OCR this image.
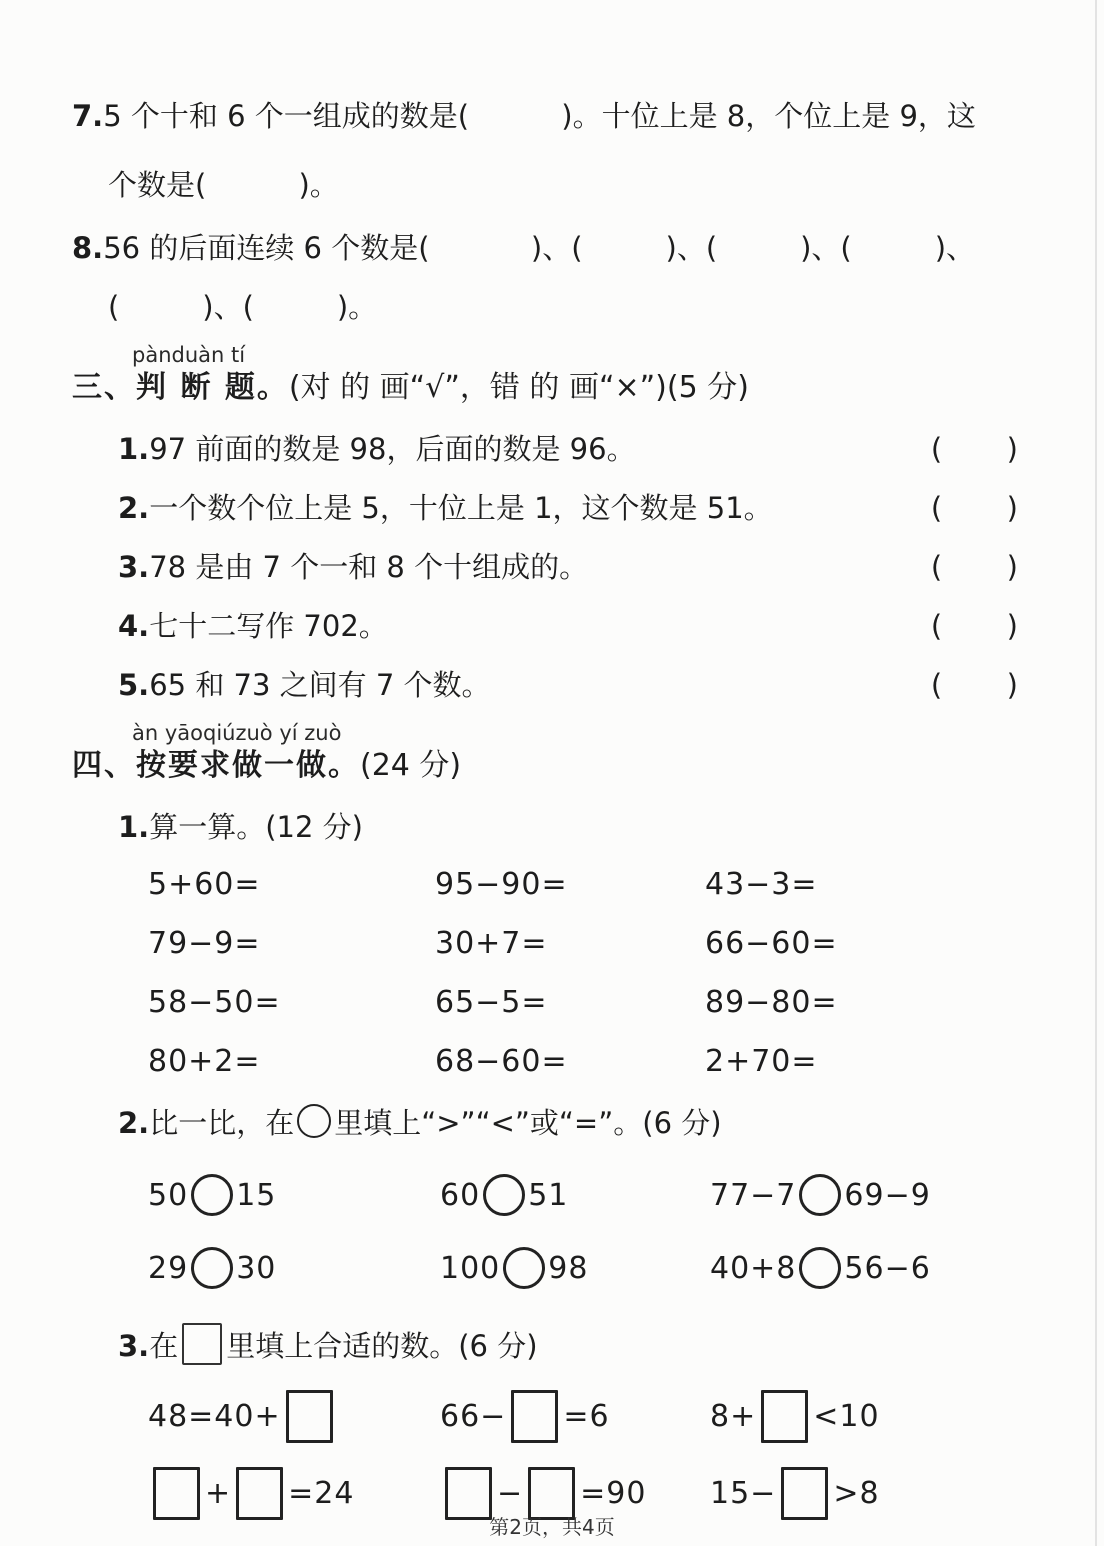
7.5 个十和 6 个一组成的数是(          )。十位上是 8，个位上是 9，这
个数是(          )。
8.56 的后面连续 6 个数是(           )、(         )、(         )、(         )、
(         )、(         )。
pànduàn tí
三、判 断 题。(对 的 画“√”，错 的 画“×”)(5 分)
1.97 前面的数是 98，后面的数是 96。	(       )
2.一个数个位上是 5，十位上是 1，这个数是 51。	(       )
3.78 是由 7 个一和 8 个十组成的。	(       )
4.七十二写作 702。	(       )
5.65 和 73 之间有 7 个数。	(       )
àn yāoqiúzuò yí zuò
四、按要求做一做。(24 分)
1.算一算。(12 分)
5+60=	95−90=	43−3=
79−9=	30+7=	66−60=
58−50=	65−5=	89−80=
80+2=	68−60=	2+70=
2.比一比，在 里填上“>”“<”或“=”。(6 分)
50 15	60 51	77−7 69−9
29 30	100 98	40+8 56−6
3.在 里填上合适的数。(6 分)
48=40+	66− =6	8+ <10
+ =24	− =90 15− >8
第2页，共4页
